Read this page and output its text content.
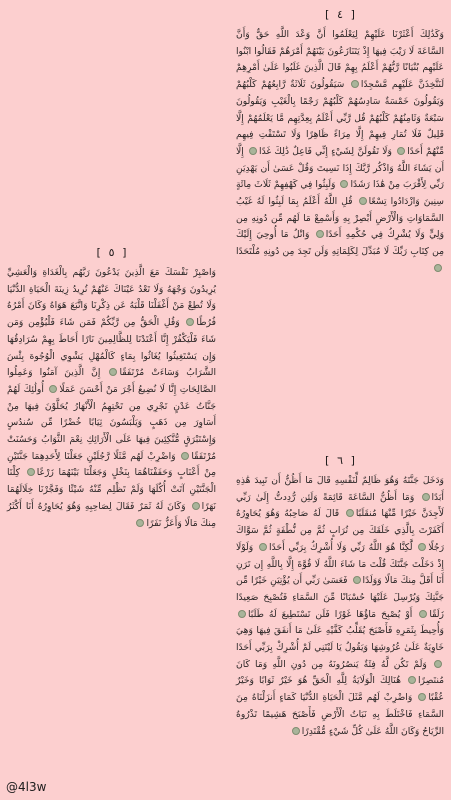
[ ٤ ]
وَكَذَٰلِكَ أَعْثَرْنَا عَلَيْهِمْ لِيَعْلَمُوا أَنَّ وَعْدَ اللَّهِ حَقٌّ وَأَنَّ السَّاعَةَ لَا رَيْبَ فِيهَا إِذْ يَتَنَازَعُونَ بَيْنَهُمْ أَمْرَهُمْ فَقَالُوا ابْنُوا عَلَيْهِم بُنْيَانًا رَّبُّهُمْ أَعْلَمُ بِهِمْ قَالَ الَّذِينَ غَلَبُوا عَلَىٰ أَمْرِهِمْ لَنَتَّخِذَنَّ عَلَيْهِم مَّسْجِدًا سَيَقُولُونَ ثَلَاثَةٌ رَّابِعُهُمْ كَلْبُهُمْ وَيَقُولُونَ خَمْسَةٌ سَادِسُهُمْ كَلْبُهُمْ رَجْمًا بِالْغَيْبِ وَيَقُولُونَ سَبْعَةٌ وَثَامِنُهُمْ كَلْبُهُمْ قُل رَّبِّي أَعْلَمُ بِعِدَّتِهِم مَّا يَعْلَمُهُمْ إِلَّا قَلِيلٌ فَلَا تُمَارِ فِيهِمْ إِلَّا مِرَاءً ظَاهِرًا وَلَا تَسْتَفْتِ فِيهِم مِّنْهُمْ أَحَدًا وَلَا تَقُولَنَّ لِشَيْءٍ إِنِّي فَاعِلٌ ذَٰلِكَ غَدًا إِلَّا أَن يَشَاءَ اللَّهُ وَاذْكُر رَّبَّكَ إِذَا نَسِيتَ وَقُلْ عَسَىٰ أَن يَهْدِيَنِ رَبِّي لِأَقْرَبَ مِنْ هَٰذَا رَشَدًا وَلَبِثُوا فِي كَهْفِهِمْ ثَلَاثَ مِائَةٍ سِنِينَ وَازْدَادُوا تِسْعًا قُلِ اللَّهُ أَعْلَمُ بِمَا لَبِثُوا لَهُ غَيْبُ السَّمَاوَاتِ وَالْأَرْضِ أَبْصِرْ بِهِ وَأَسْمِعْ مَا لَهُم مِّن دُونِهِ مِن وَلِيٍّ وَلَا يُشْرِكُ فِي حُكْمِهِ أَحَدًا وَاتْلُ مَا أُوحِيَ إِلَيْكَ مِن كِتَابِ رَبِّكَ لَا مُبَدِّلَ لِكَلِمَاتِهِ وَلَن تَجِدَ مِن دُونِهِ مُلْتَحَدًا
[ ٥ ]
وَاصْبِرْ نَفْسَكَ مَعَ الَّذِينَ يَدْعُونَ رَبَّهُم بِالْغَدَاةِ وَالْعَشِيِّ يُرِيدُونَ وَجْهَهُ وَلَا تَعْدُ عَيْنَاكَ عَنْهُمْ تُرِيدُ زِينَةَ الْحَيَاةِ الدُّنْيَا وَلَا تُطِعْ مَنْ أَغْفَلْنَا قَلْبَهُ عَن ذِكْرِنَا وَاتَّبَعَ هَوَاهُ وَكَانَ أَمْرُهُ فُرُطًا وَقُلِ الْحَقُّ مِن رَّبِّكُمْ فَمَن شَاءَ فَلْيُؤْمِن وَمَن شَاءَ فَلْيَكْفُرْ إِنَّا أَعْتَدْنَا لِلظَّالِمِينَ نَارًا أَحَاطَ بِهِمْ سُرَادِقُهَا وَإِن يَسْتَغِيثُوا يُغَاثُوا بِمَاءٍ كَالْمُهْلِ يَشْوِي الْوُجُوهَ بِئْسَ الشَّرَابُ وَسَاءَتْ مُرْتَفَقًا إِنَّ الَّذِينَ آمَنُوا وَعَمِلُوا الصَّالِحَاتِ إِنَّا لَا نُضِيعُ أَجْرَ مَنْ أَحْسَنَ عَمَلًا أُولَٰئِكَ لَهُمْ جَنَّاتُ عَدْنٍ تَجْرِي مِن تَحْتِهِمُ الْأَنْهَارُ يُحَلَّوْنَ فِيهَا مِنْ أَسَاوِرَ مِن ذَهَبٍ وَيَلْبَسُونَ ثِيَابًا خُضْرًا مِّن سُندُسٍ وَإِسْتَبْرَقٍ مُّتَّكِئِينَ فِيهَا عَلَى الْأَرَائِكِ نِعْمَ الثَّوَابُ وَحَسُنَتْ مُرْتَفَقًا وَاضْرِبْ لَهُم مَّثَلًا رَّجُلَيْنِ جَعَلْنَا لِأَحَدِهِمَا جَنَّتَيْنِ مِنْ أَعْنَابٍ وَحَفَفْنَاهُمَا بِنَخْلٍ وَجَعَلْنَا بَيْنَهُمَا زَرْعًا كِلْتَا الْجَنَّتَيْنِ آتَتْ أُكُلَهَا وَلَمْ تَظْلِم مِّنْهُ شَيْئًا وَفَجَّرْنَا خِلَالَهُمَا نَهَرًا وَكَانَ لَهُ ثَمَرٌ فَقَالَ لِصَاحِبِهِ وَهُوَ يُحَاوِرُهُ أَنَا أَكْثَرُ مِنكَ مَالًا وَأَعَزُّ نَفَرًا
[ ٦ ]
وَدَخَلَ جَنَّتَهُ وَهُوَ ظَالِمٌ لِّنَفْسِهِ قَالَ مَا أَظُنُّ أَن تَبِيدَ هَٰذِهِ أَبَدًا وَمَا أَظُنُّ السَّاعَةَ قَائِمَةً وَلَئِن رُّدِدتُّ إِلَىٰ رَبِّي لَأَجِدَنَّ خَيْرًا مِّنْهَا مُنقَلَبًا قَالَ لَهُ صَاحِبُهُ وَهُوَ يُحَاوِرُهُ أَكَفَرْتَ بِالَّذِي خَلَقَكَ مِن تُرَابٍ ثُمَّ مِن نُّطْفَةٍ ثُمَّ سَوَّاكَ رَجُلًا لَّٰكِنَّا هُوَ اللَّهُ رَبِّي وَلَا أُشْرِكُ بِرَبِّي أَحَدًا وَلَوْلَا إِذْ دَخَلْتَ جَنَّتَكَ قُلْتَ مَا شَاءَ اللَّهُ لَا قُوَّةَ إِلَّا بِاللَّهِ إِن تَرَنِ أَنَا أَقَلَّ مِنكَ مَالًا وَوَلَدًا فَعَسَىٰ رَبِّي أَن يُؤْتِيَنِ خَيْرًا مِّن جَنَّتِكَ وَيُرْسِلَ عَلَيْهَا حُسْبَانًا مِّنَ السَّمَاءِ فَتُصْبِحَ صَعِيدًا زَلَقًا أَوْ يُصْبِحَ مَاؤُهَا غَوْرًا فَلَن تَسْتَطِيعَ لَهُ طَلَبًا وَأُحِيطَ بِثَمَرِهِ فَأَصْبَحَ يُقَلِّبُ كَفَّيْهِ عَلَىٰ مَا أَنفَقَ فِيهَا وَهِيَ خَاوِيَةٌ عَلَىٰ عُرُوشِهَا وَيَقُولُ يَا لَيْتَنِي لَمْ أُشْرِكْ بِرَبِّي أَحَدًا وَلَمْ تَكُن لَّهُ فِئَةٌ يَنصُرُونَهُ مِن دُونِ اللَّهِ وَمَا كَانَ مُنتَصِرًا هُنَالِكَ الْوَلَايَةُ لِلَّهِ الْحَقِّ هُوَ خَيْرٌ ثَوَابًا وَخَيْرٌ عُقْبًا وَاضْرِبْ لَهُم مَّثَلَ الْحَيَاةِ الدُّنْيَا كَمَاءٍ أَنزَلْنَاهُ مِنَ السَّمَاءِ فَاخْتَلَطَ بِهِ نَبَاتُ الْأَرْضِ فَأَصْبَحَ هَشِيمًا تَذْرُوهُ الرِّيَاحُ وَكَانَ اللَّهُ عَلَىٰ كُلِّ شَيْءٍ مُّقْتَدِرًا
@4l3w
